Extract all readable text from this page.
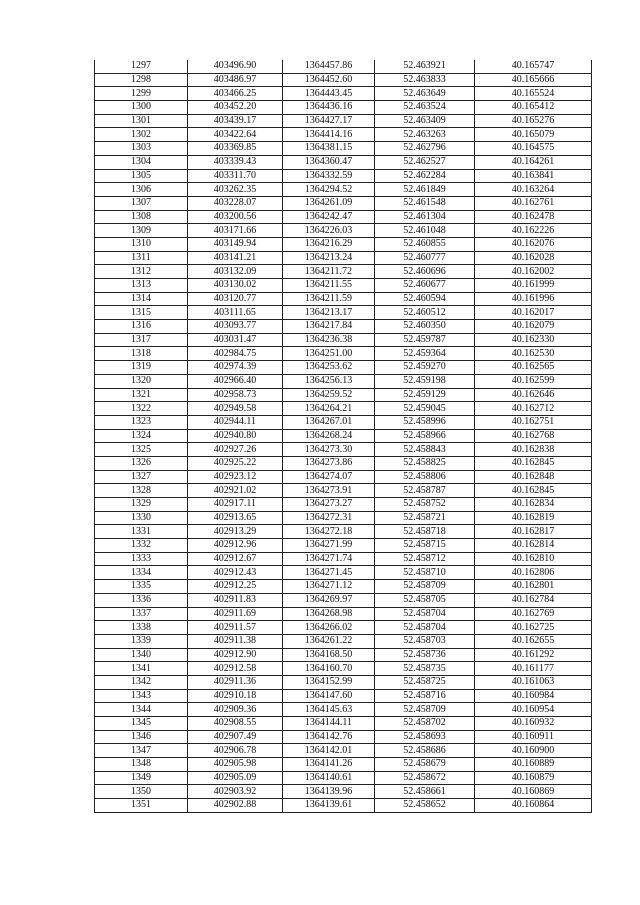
1297	403496.90	1364457.86	52.463921	40.165747
1298	403486.97	1364452.60	52.463833	40.165666
1299	403466.25	1364443.45	52.463649	40.165524
1300	403452.20	1364436.16	52.463524	40.165412
1301	403439.17	1364427.17	52.463409	40.165276
1302	403422.64	1364414.16	52.463263	40.165079
1303	403369.85	1364381.15	52.462796	40.164575
1304	403339.43	1364360.47	52.462527	40.164261
1305	403311.70	1364332.59	52.462284	40.163841
1306	403262.35	1364294.52	52.461849	40.163264
1307	403228.07	1364261.09	52.461548	40.162761
1308	403200.56	1364242.47	52.461304	40.162478
1309	403171.66	1364226.03	52.461048	40.162226
1310	403149.94	1364216.29	52.460855	40.162076
1311	403141.21	1364213.24	52.460777	40.162028
1312	403132.09	1364211.72	52.460696	40.162002
1313	403130.02	1364211.55	52.460677	40.161999
1314	403120.77	1364211.59	52.460594	40.161996
1315	403111.65	1364213.17	52.460512	40.162017
1316	403093.77	1364217.84	52.460350	40.162079
1317	403031.47	1364236.38	52.459787	40.162330
1318	402984.75	1364251.00	52.459364	40.162530
1319	402974.39	1364253.62	52.459270	40.162565
1320	402966.40	1364256.13	52.459198	40.162599
1321	402958.73	1364259.52	52.459129	40.162646
1322	402949.58	1364264.21	52.459045	40.162712
1323	402944.11	1364267.01	52.458996	40.162751
1324	402940.80	1364268.24	52.458966	40.162768
1325	402927.26	1364273.30	52.458843	40.162838
1326	402925.22	1364273.86	52.458825	40.162845
1327	402923.12	1364274.07	52.458806	40.162848
1328	402921.02	1364273.91	52.458787	40.162845
1329	402917.11	1364273.27	52.458752	40.162834
1330	402913.65	1364272.31	52.458721	40.162819
1331	402913.29	1364272.18	52.458718	40.162817
1332	402912.96	1364271.99	52.458715	40.162814
1333	402912.67	1364271.74	52.458712	40.162810
1334	402912.43	1364271.45	52.458710	40.162806
1335	402912.25	1364271.12	52.458709	40.162801
1336	402911.83	1364269.97	52.458705	40.162784
1337	402911.69	1364268.98	52.458704	40.162769
1338	402911.57	1364266.02	52.458704	40.162725
1339	402911.38	1364261.22	52.458703	40.162655
1340	402912.90	1364168.50	52.458736	40.161292
1341	402912.58	1364160.70	52.458735	40.161177
1342	402911.36	1364152.99	52.458725	40.161063
1343	402910.18	1364147.60	52.458716	40.160984
1344	402909.36	1364145.63	52.458709	40.160954
1345	402908.55	1364144.11	52.458702	40.160932
1346	402907.49	1364142.76	52.458693	40.160911
1347	402906.78	1364142.01	52.458686	40.160900
1348	402905.98	1364141.26	52.458679	40.160889
1349	402905.09	1364140.61	52.458672	40.160879
1350	402903.92	1364139.96	52.458661	40.160869
1351	402902.88	1364139.61	52.458652	40.160864
